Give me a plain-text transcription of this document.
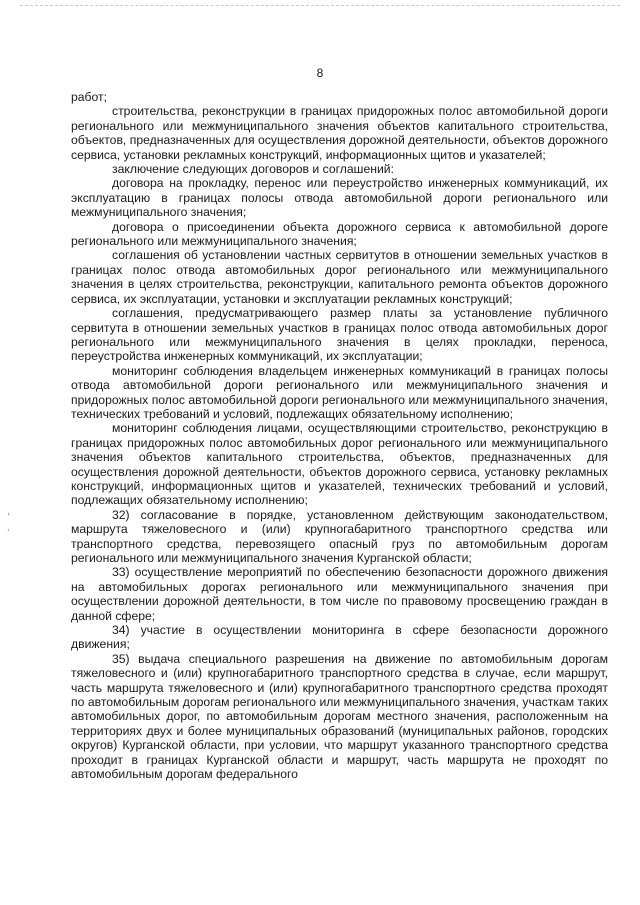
8
׳
,

работ;

строительства, реконструкции в границах придорожных полос автомобильной дороги регионального или межмуниципального значения объектов капитального строительства, объектов, предназначенных для осуществления дорожной деятельности, объектов дорожного сервиса, установки рекламных конструкций, информационных щитов и указателей;

заключение следующих договоров и соглашений:

договора на прокладку, перенос или переустройство инженерных коммуникаций, их эксплуатацию в границах полосы отвода автомобильной дороги регионального или межмуниципального значения;

договора о присоединении объекта дорожного сервиса к автомобильной дороге регионального или межмуниципального значения;

соглашения об установлении частных сервитутов в отношении земельных участков в границах полос отвода автомобильных дорог регионального или межмуниципального значения в целях строительства, реконструкции, капитального ремонта объектов дорожного сервиса, их эксплуатации, установки и эксплуатации рекламных конструкций;

соглашения, предусматривающего размер платы за установление публичного сервитута в отношении земельных участков в границах полос отвода автомобильных дорог регионального или межмуниципального значения в целях прокладки, переноса, переустройства инженерных коммуникаций, их эксплуатации;

мониторинг соблюдения владельцем инженерных коммуникаций в границах полосы отвода автомобильной дороги регионального или межмуниципального значения и придорожных полос автомобильной дороги регионального или межмуниципального значения, технических требований и условий, подлежащих обязательному исполнению;

мониторинг соблюдения лицами, осуществляющими строительство, реконструкцию в границах придорожных полос автомобильных дорог регионального или межмуниципального значения объектов капитального строительства, объектов, предназначенных для осуществления дорожной деятельности, объектов дорожного сервиса, установку рекламных конструкций, информационных щитов и указателей, технических требований и условий, подлежащих обязательному исполнению;

32) согласование в порядке, установленном действующим законодательством, маршрута тяжеловесного и (или) крупногабаритного транспортного средства или транспортного средства, перевозящего опасный груз по автомобильным дорогам регионального или межмуниципального значения Курганской области;

33) осуществление мероприятий по обеспечению безопасности дорожного движения на автомобильных дорогах регионального или межмуниципального значения при осуществлении дорожной деятельности, в том числе по правовому просвещению граждан в данной сфере;

34) участие в осуществлении мониторинга в сфере безопасности дорожного движения;

35) выдача специального разрешения на движение по автомобильным дорогам тяжеловесного и (или) крупногабаритного транспортного средства в случае, если маршрут, часть маршрута тяжеловесного и (или) крупногабаритного транспортного средства проходят по автомобильным дорогам регионального или межмуниципального значения, участкам таких автомобильных дорог, по автомобильным дорогам местного значения, расположенным на территориях двух и более муниципальных образований (муниципальных районов, городских округов) Курганской области, при условии, что маршрут указанного транспортного средства проходит в границах Курганской области и маршрут, часть маршрута не проходят по автомобильным дорогам федерального
